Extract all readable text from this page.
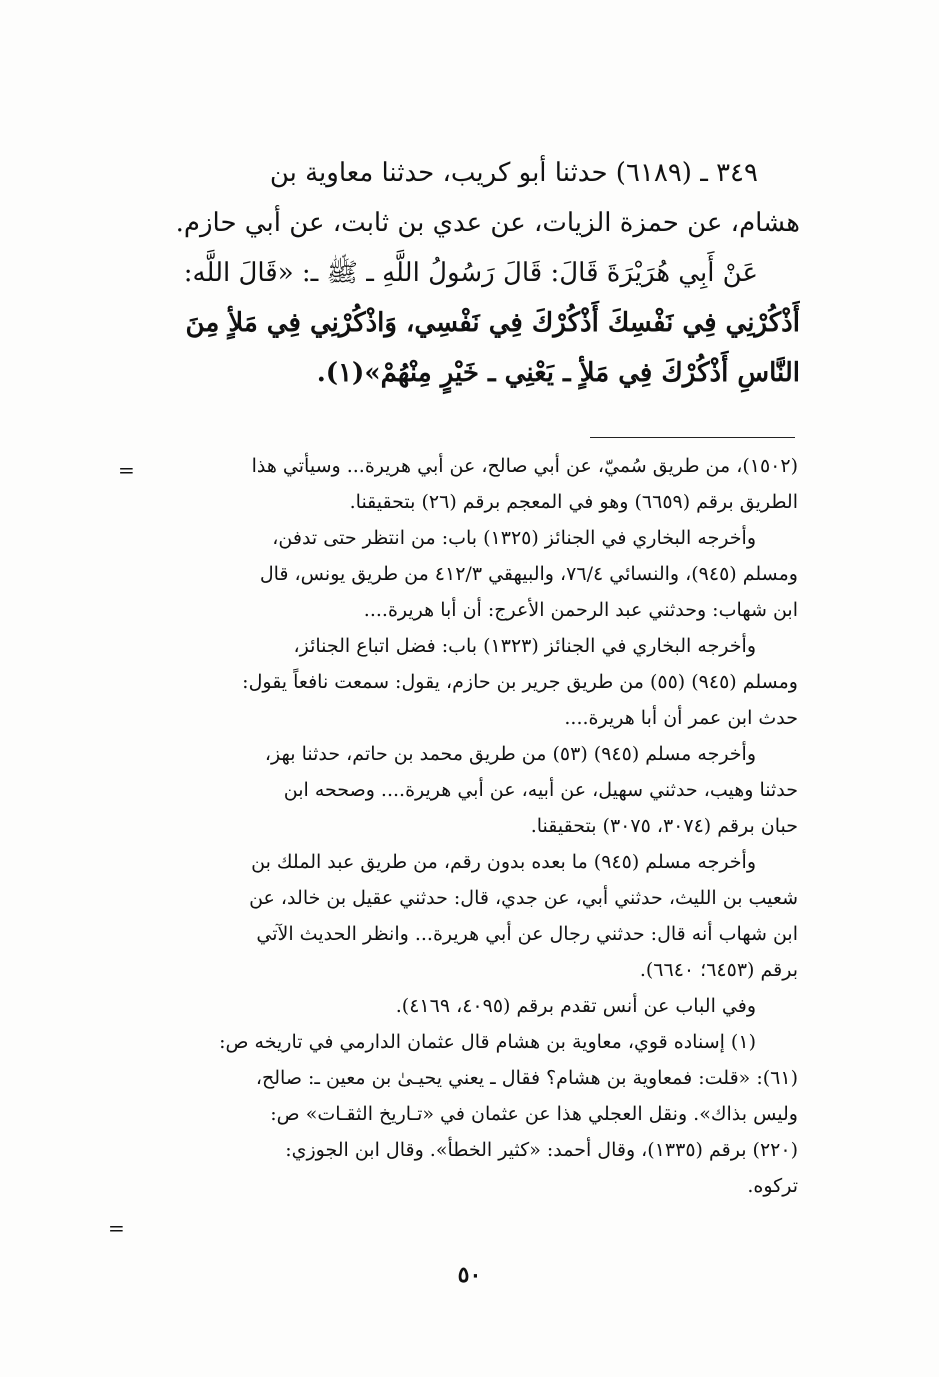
٣٤٩ ـ (٦١٨٩) حدثنا أبو كريب، حدثنا معاوية بن
هشام، عن حمزة الزيات، عن عدي بن ثابت، عن أبي حازم.
عَنْ أَبِي هُرَيْرَةَ قَالَ: قَالَ رَسُولُ اللَّهِ ـ ﷺ ـ: «قَالَ اللَّه:
أَذْكُرْنِي فِي نَفْسِكَ أَذْكُرْكَ فِي نَفْسِي، وَاذْكُرْنِي فِي مَلأٍ مِنَ
النَّاسِ أَذْكُرْكَ فِي مَلأٍ ـ يَعْنِي ـ خَيْرٍ مِنْهُمْ»(١).
=	(١٥٠٢)، من طريق سُميّ، عن أبي صالح، عن أبي هريرة... وسيأتي هذا
الطريق برقم (٦٦٥٩) وهو في المعجم برقم (٢٦) بتحقيقنا.
وأخرجه البخاري في الجنائز (١٣٢٥) باب: من انتظر حتى تدفن،
ومسلم (٩٤٥)، والنسائي ٧٦/٤، والبيهقي ٤١٢/٣ من طريق يونس، قال
ابن شهاب: وحدثني عبد الرحمن الأعرج: أن أبا هريرة....
وأخرجه البخاري في الجنائز (١٣٢٣) باب: فضل اتباع الجنائز،
ومسلم (٩٤٥) (٥٥) من طريق جرير بن حازم، يقول: سمعت نافعاً يقول:
حدث ابن عمر أن أبا هريرة....
وأخرجه مسلم (٩٤٥) (٥٣) من طريق محمد بن حاتم، حدثنا بهز،
حدثنا وهيب، حدثني سهيل، عن أبيه، عن أبي هريرة.... وصححه ابن
حبان برقم (٣٠٧٤، ٣٠٧٥) بتحقيقنا.
وأخرجه مسلم (٩٤٥) ما بعده بدون رقم، من طريق عبد الملك بن
شعيب بن الليث، حدثني أبي، عن جدي، قال: حدثني عقيل بن خالد، عن
ابن شهاب أنه قال: حدثني رجال عن أبي هريرة... وانظر الحديث الآتي
برقم (٦٤٥٣؛ ٦٦٤٠).
وفي الباب عن أنس تقدم برقم (٤٠٩٥، ٤١٦٩).
(١) إسناده قوي، معاوية بن هشام قال عثمان الدارمي في تاريخه ص:
(٦١): «قلت: فمعاوية بن هشام؟ فقال ـ يعني يحيـىٰ بن معين ـ: صالح،
وليس بذاك». ونقل العجلي هذا عن عثمان في «تـاريخ الثقـات» ص:
(٢٢٠) برقم (١٣٣٥)، وقال أحمد: «كثير الخطأ». وقال ابن الجوزي:
تركوه.
=
٥٠
